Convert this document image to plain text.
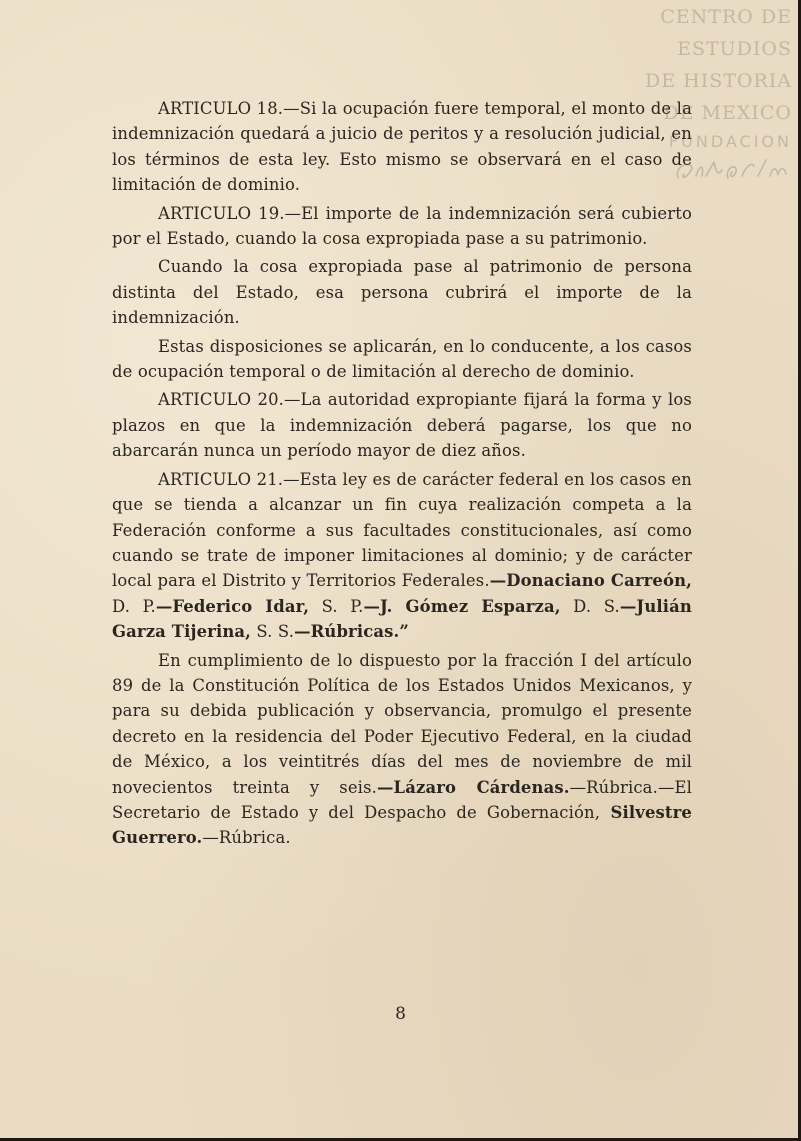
CENTRO DE
ESTUDIOS
DE HISTORIA
DE MEXICO
FUNDACION

ARTICULO 18.—Si la ocupación fuere temporal, el monto de la indemnización quedará a juicio de peritos y a resolución judicial, en los términos de esta ley. Esto mismo se observará en el caso de limitación de dominio.

ARTICULO 19.—El importe de la indemnización será cubierto por el Estado, cuando la cosa expropiada pase a su patrimonio.

Cuando la cosa expropiada pase al patrimonio de persona distinta del Estado, esa persona cubrirá el importe de la indemnización.

Estas disposiciones se aplicarán, en lo conducente, a los casos de ocupación temporal o de limitación al derecho de dominio.

ARTICULO 20.—La autoridad expropiante fijará la forma y los plazos en que la indemnización deberá pagarse, los que no abarcarán nunca un período mayor de diez años.

ARTICULO 21.—Esta ley es de carácter federal en los casos en que se tienda a alcanzar un fin cuya realización competa a la Federación conforme a sus facultades constitucionales, así como cuando se trate de imponer limitaciones al dominio; y de carácter local para el Distrito y Territorios Federales.—Donaciano Carreón, D. P.—Federico Idar, S. P.—J. Gómez Esparza, D. S.—Julián Garza Tijerina, S. S.—Rúbricas.”

En cumplimiento de lo dispuesto por la fracción I del artículo 89 de la Constitución Política de los Estados Unidos Mexicanos, y para su debida publicación y observancia, promulgo el presente decreto en la residencia del Poder Ejecutivo Federal, en la ciudad de México, a los veintitrés días del mes de noviembre de mil novecientos treinta y seis.—Lázaro Cárdenas.—Rúbrica.—El Secretario de Estado y del Despacho de Gobernación, Silvestre Guerrero.—Rúbrica.

8
